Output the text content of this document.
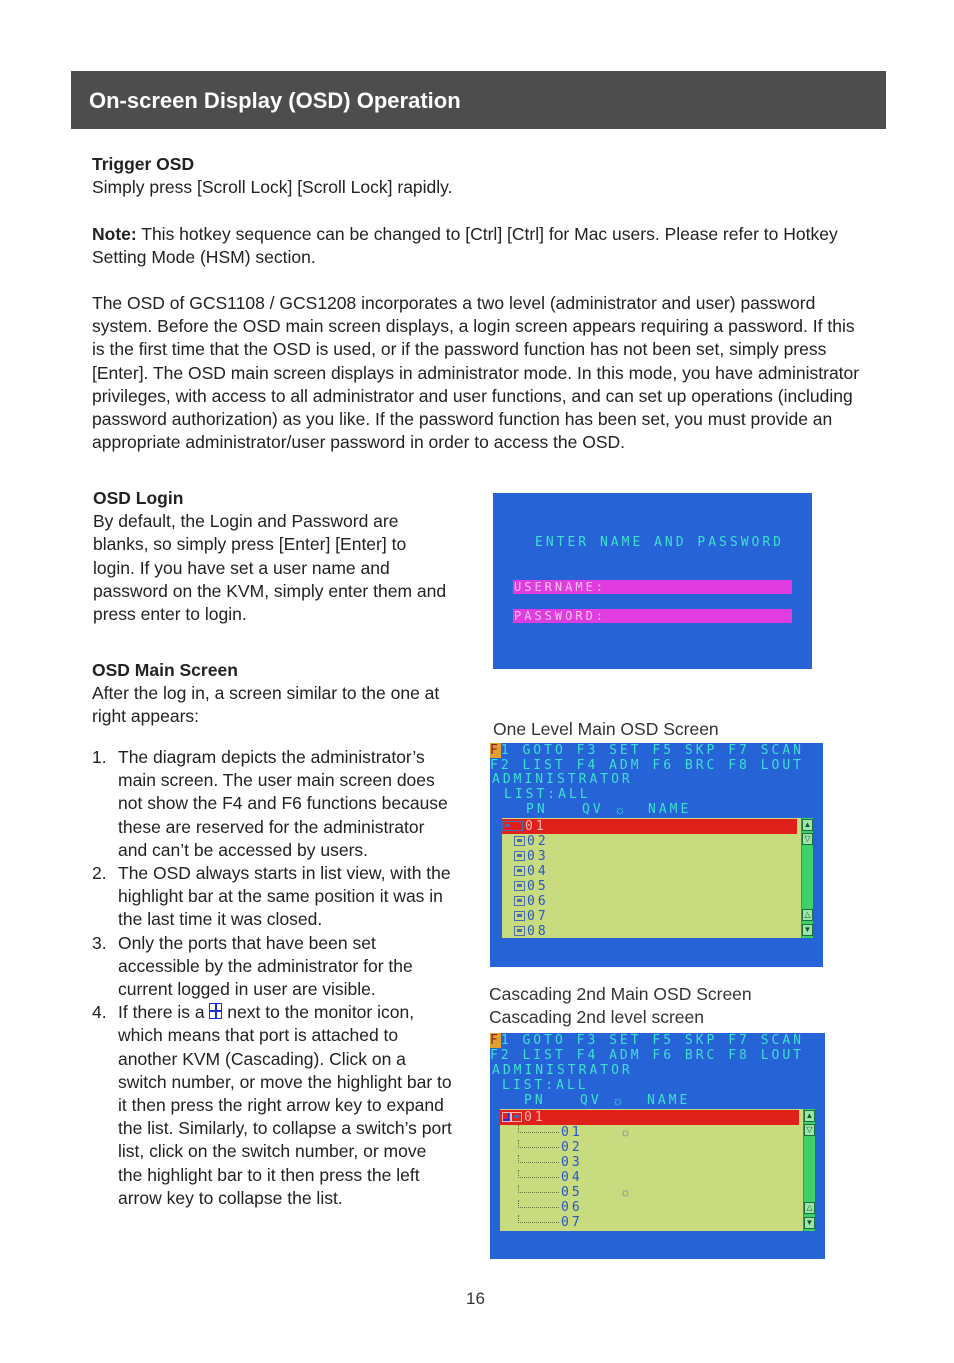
On-screen Display (OSD) Operation
Trigger OSD
Simply press [Scroll Lock] [Scroll Lock] rapidly.
Note: This hotkey sequence can be changed to [Ctrl] [Ctrl] for Mac users. Please refer to Hotkey Setting Mode (HSM) section.
The OSD of GCS1108 / GCS1208 incorporates a two level (administrator and user) password system. Before the OSD main screen displays, a login screen appears requiring a password. If this is the first time that the OSD is used, or if the password function has not been set, simply press [Enter]. The OSD main screen displays in administrator mode. In this mode, you have administrator privileges, with access to all administrator and user functions, and can set up operations (including password authorization) as you like. If the password function has been set, you must provide an appropriate administrator/user password in order to access the OSD.
OSD Login
By default, the Login and Password are blanks, so simply press [Enter] [Enter] to login. If you have set a user name and password on the KVM, simply enter them and press enter to login.
OSD Main Screen
After the log in, a screen similar to the one at right appears:
1. The diagram depicts the administrator’s main screen. The user main screen does not show the F4 and F6 functions because these are reserved for the administrator and can’t be accessed by users.
2. The OSD always starts in list view, with the highlight bar at the same position it was in the last time it was closed.
3. Only the ports that have been set accessible by the administrator for the current logged in user are visible.
4. If there is a  next to the monitor icon, which means that port is attached to another KVM (Cascading). Click on a switch number, or move the highlight bar to it then press the right arrow key to expand the list. Similarly, to collapse a switch’s port list, click on the switch number, or move the highlight bar to it then press the left arrow key to collapse the list.
ENTER NAME AND PASSWORD
USERNAME:
PASSWORD:
One Level Main OSD Screen
F1 GOTO F3 SET F5 SKP F7 SCAN
F2 LIST F4 ADM F6 BRC F8 LOUT
ADMINISTRATOR
LIST:ALL
PN	QV ☼ NAME
01
02
03
04
05
06
07
08
▲
▽
△
▼
Cascading 2nd Main OSD Screen
Cascading 2nd level screen
F1 GOTO F3 SET F5 SKP F7 SCAN
F2 LIST F4 ADM F6 BRC F8 LOUT
ADMINISTRATOR
LIST:ALL
PN	QV ☼ NAME
01
01
02
03
04
05
06
07
☼
☼
▲
▽
△
▼
16
